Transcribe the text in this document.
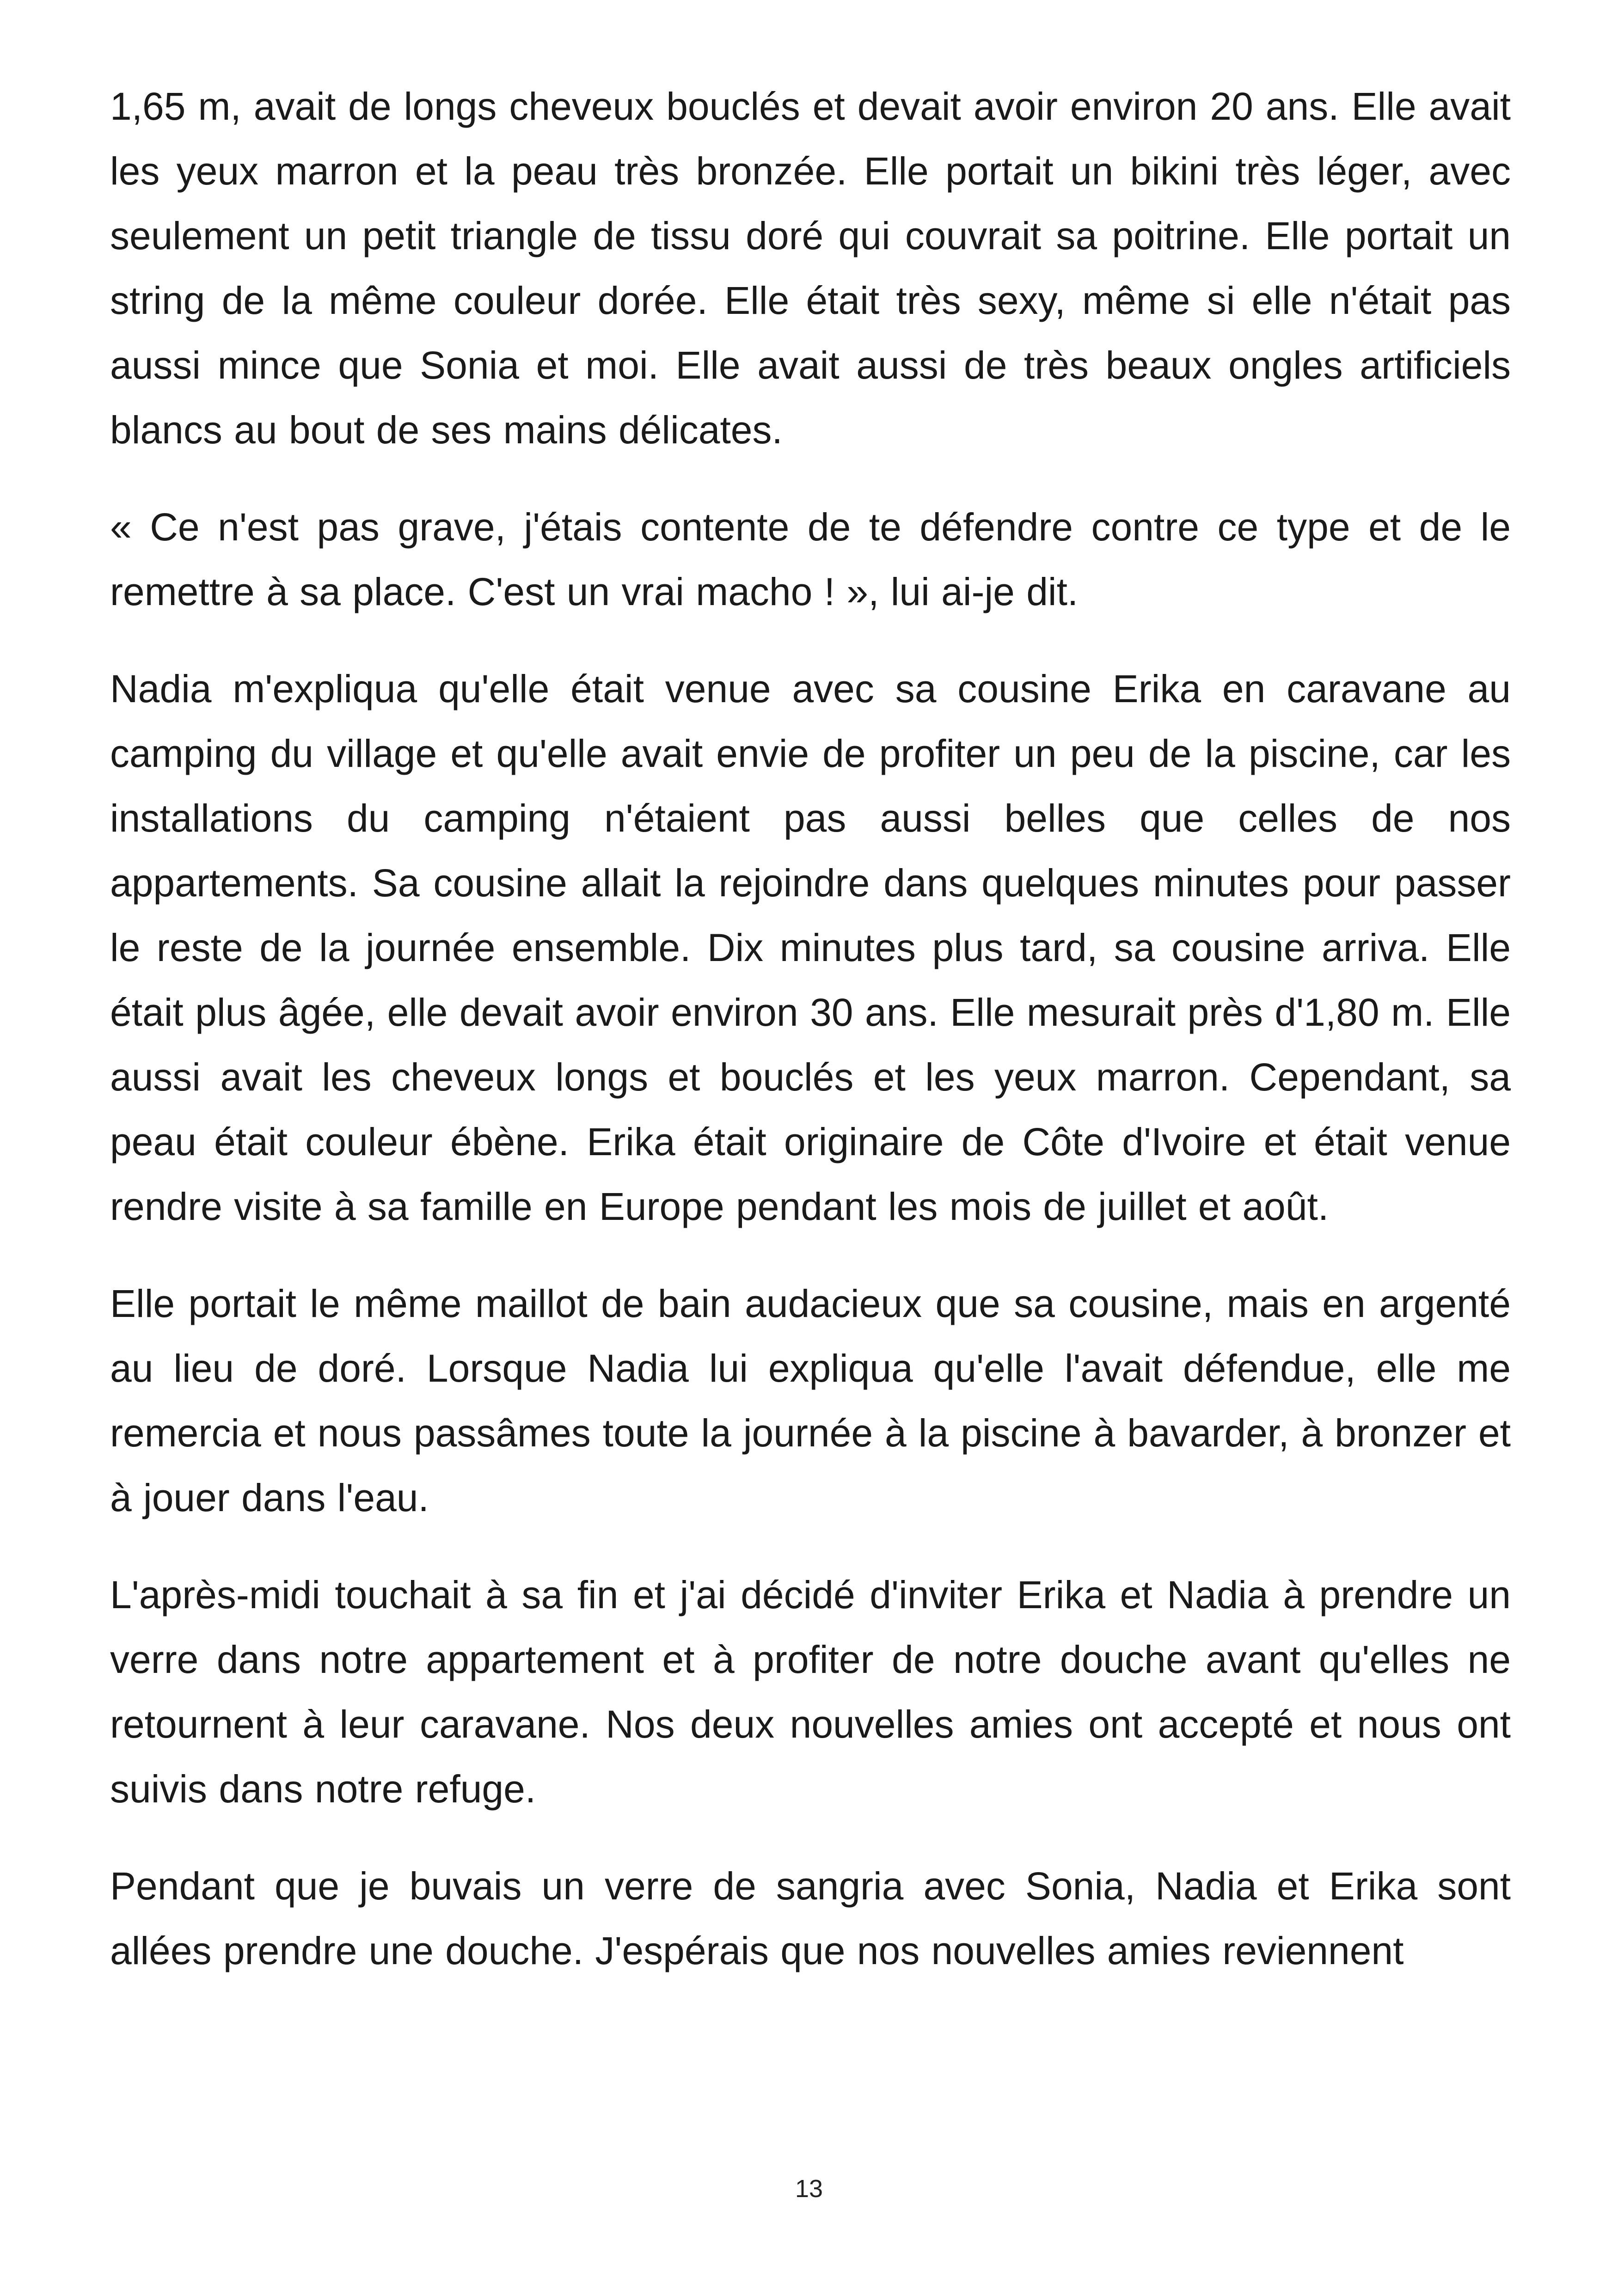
1,65 m, avait de longs cheveux bouclés et devait avoir environ 20 ans. Elle avait les yeux marron et la peau très bronzée. Elle portait un bikini très léger, avec seulement un petit triangle de tissu doré qui couvrait sa poitrine. Elle portait un string de la même couleur dorée. Elle était très sexy, même si elle n'était pas aussi mince que Sonia et moi. Elle avait aussi de très beaux ongles artificiels blancs au bout de ses mains délicates.

« Ce n'est pas grave, j'étais contente de te défendre contre ce type et de le remettre à sa place. C'est un vrai macho ! », lui ai-je dit.

Nadia m'expliqua qu'elle était venue avec sa cousine Erika en caravane au camping du village et qu'elle avait envie de profiter un peu de la piscine, car les installations du camping n'étaient pas aussi belles que celles de nos appartements. Sa cousine allait la rejoindre dans quelques minutes pour passer le reste de la journée ensemble. Dix minutes plus tard, sa cousine arriva. Elle était plus âgée, elle devait avoir environ 30 ans. Elle mesurait près d'1,80 m. Elle aussi avait les cheveux longs et bouclés et les yeux marron. Cependant, sa peau était couleur ébène. Erika était originaire de Côte d'Ivoire et était venue rendre visite à sa famille en Europe pendant les mois de juillet et août.

Elle portait le même maillot de bain audacieux que sa cousine, mais en argenté au lieu de doré. Lorsque Nadia lui expliqua qu'elle l'avait défendue, elle me remercia et nous passâmes toute la journée à la piscine à bavarder, à bronzer et à jouer dans l'eau.

L'après-midi touchait à sa fin et j'ai décidé d'inviter Erika et Nadia à prendre un verre dans notre appartement et à profiter de notre douche avant qu'elles ne retournent à leur caravane. Nos deux nouvelles amies ont accepté et nous ont suivis dans notre refuge.

Pendant que je buvais un verre de sangria avec Sonia, Nadia et Erika sont allées prendre une douche. J'espérais que nos nouvelles amies reviennent

13
